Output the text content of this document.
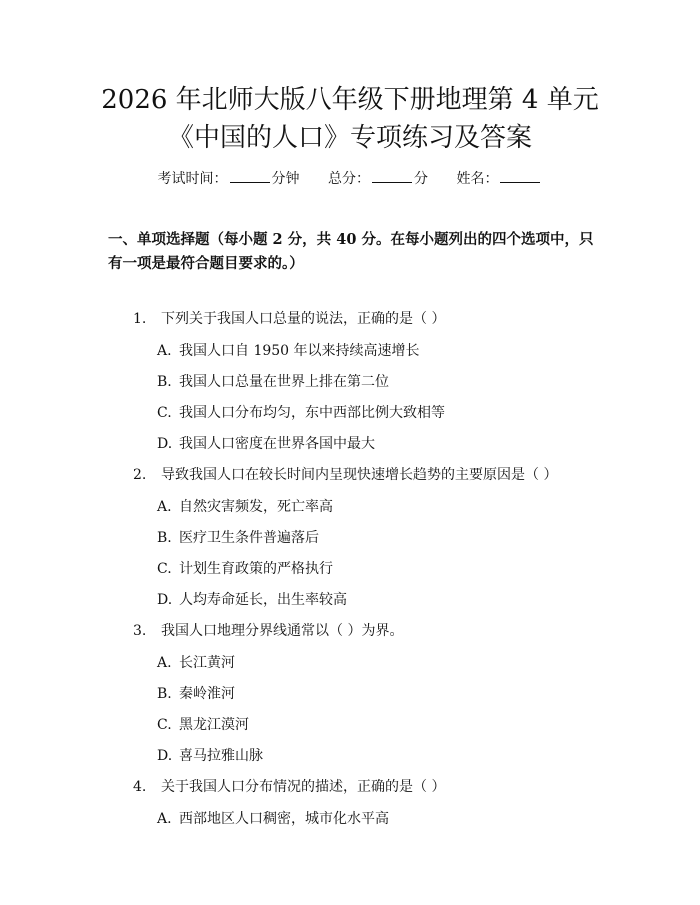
2026 年北师大版八年级下册地理第 4 单元
《中国的人口》专项练习及答案
考试时间：	分钟 总分：	分 姓名：

一、单项选择题（每小题 2 分，共 40 分。在每小题列出的四个选项中，只有一项是最符合题目要求的。）

1. 下列关于我国人口总量的说法，正确的是（ ）
A. 我国人口自 1950 年以来持续高速增长
B. 我国人口总量在世界上排在第二位
C. 我国人口分布均匀，东中西部比例大致相等
D. 我国人口密度在世界各国中最大
2. 导致我国人口在较长时间内呈现快速增长趋势的主要原因是（ ）
A. 自然灾害频发，死亡率高
B. 医疗卫生条件普遍落后
C. 计划生育政策的严格执行
D. 人均寿命延长，出生率较高
3. 我国人口地理分界线通常以（ ）为界。
A. 长江黄河
B. 秦岭淮河
C. 黑龙江漠河
D. 喜马拉雅山脉
4. 关于我国人口分布情况的描述，正确的是（ ）
A. 西部地区人口稠密，城市化水平高
